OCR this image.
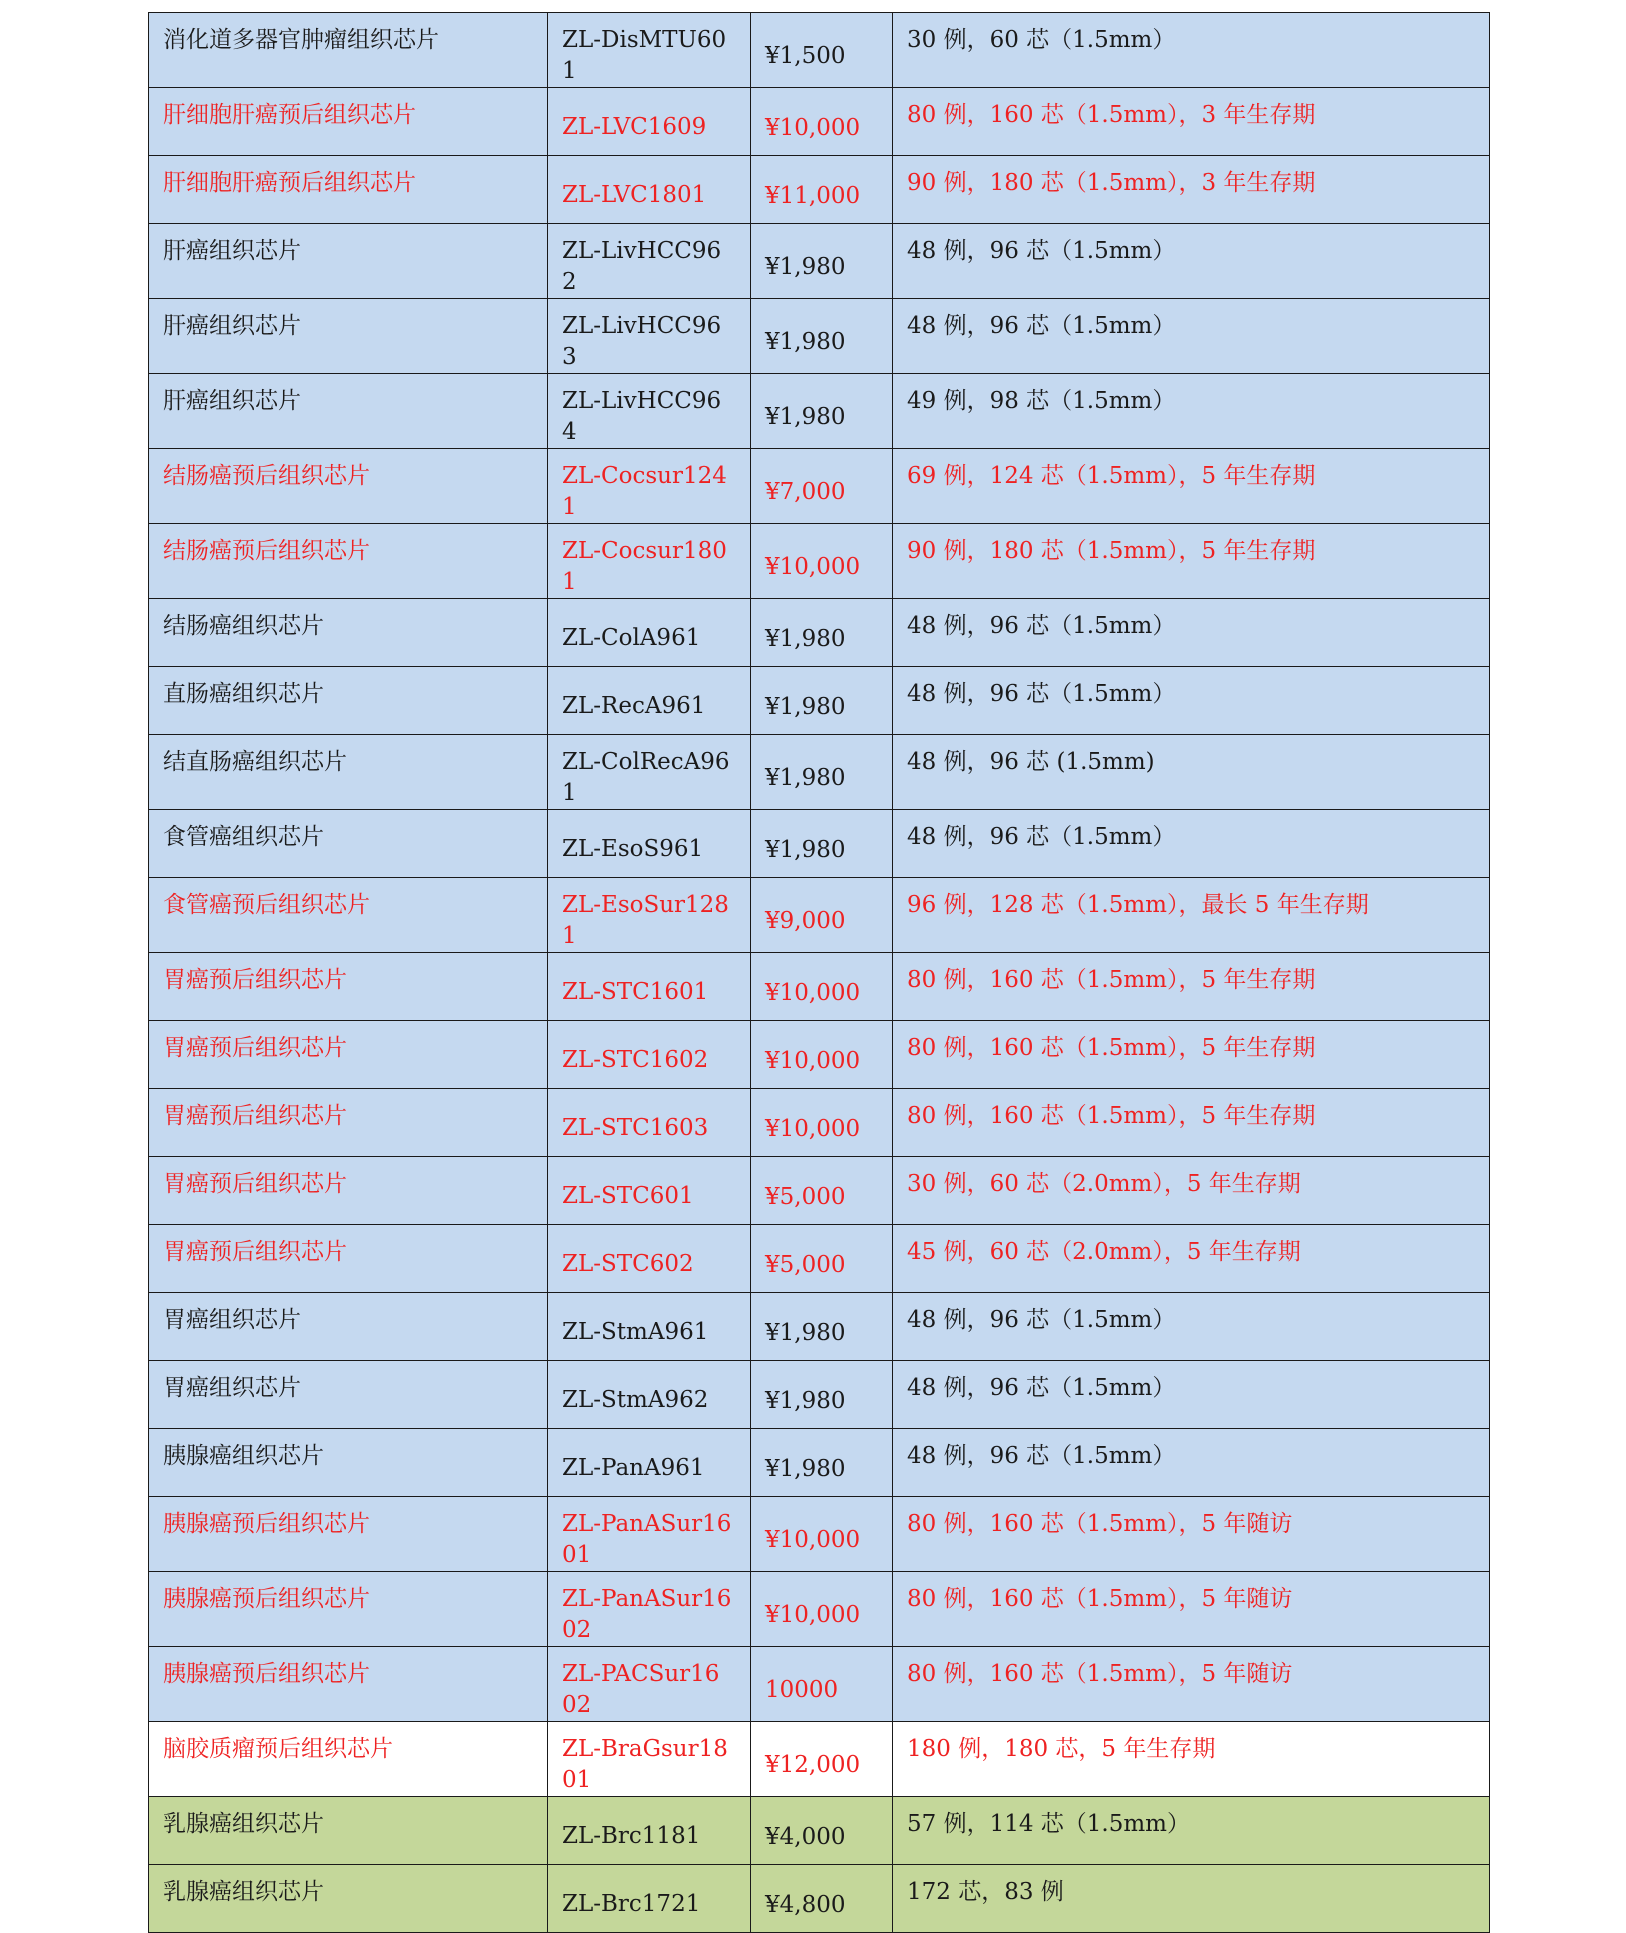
消化道多器官肿瘤组织芯片	ZL-DisMTU601	¥1,500	30 例，60 芯（1.5mm）
肝细胞肝癌预后组织芯片	ZL-LVC1609	¥10,000	80 例，160 芯（1.5mm），3 年生存期
肝细胞肝癌预后组织芯片	ZL-LVC1801	¥11,000	90 例，180 芯（1.5mm），3 年生存期
肝癌组织芯片	ZL-LivHCC962	¥1,980	48 例，96 芯（1.5mm）
肝癌组织芯片	ZL-LivHCC963	¥1,980	48 例，96 芯（1.5mm）
肝癌组织芯片	ZL-LivHCC964	¥1,980	49 例，98 芯（1.5mm）
结肠癌预后组织芯片	ZL-Cocsur1241	¥7,000	69 例，124 芯（1.5mm），5 年生存期
结肠癌预后组织芯片	ZL-Cocsur1801	¥10,000	90 例，180 芯（1.5mm），5 年生存期
结肠癌组织芯片	ZL-ColA961	¥1,980	48 例，96 芯（1.5mm）
直肠癌组织芯片	ZL-RecA961	¥1,980	48 例，96 芯（1.5mm）
结直肠癌组织芯片	ZL-ColRecA961	¥1,980	48 例，96 芯 (1.5mm)
食管癌组织芯片	ZL-EsoS961	¥1,980	48 例，96 芯（1.5mm）
食管癌预后组织芯片	ZL-EsoSur1281	¥9,000	96 例，128 芯（1.5mm），最长 5 年生存期
胃癌预后组织芯片	ZL-STC1601	¥10,000	80 例，160 芯（1.5mm），5 年生存期
胃癌预后组织芯片	ZL-STC1602	¥10,000	80 例，160 芯（1.5mm），5 年生存期
胃癌预后组织芯片	ZL-STC1603	¥10,000	80 例，160 芯（1.5mm），5 年生存期
胃癌预后组织芯片	ZL-STC601	¥5,000	30 例，60 芯（2.0mm），5 年生存期
胃癌预后组织芯片	ZL-STC602	¥5,000	45 例，60 芯（2.0mm），5 年生存期
胃癌组织芯片	ZL-StmA961	¥1,980	48 例，96 芯（1.5mm）
胃癌组织芯片	ZL-StmA962	¥1,980	48 例，96 芯（1.5mm）
胰腺癌组织芯片	ZL-PanA961	¥1,980	48 例，96 芯（1.5mm）
胰腺癌预后组织芯片	ZL-PanASur1601	¥10,000	80 例，160 芯（1.5mm），5 年随访
胰腺癌预后组织芯片	ZL-PanASur1602	¥10,000	80 例，160 芯（1.5mm），5 年随访
胰腺癌预后组织芯片	ZL-PACSur1602	10000	80 例，160 芯（1.5mm），5 年随访
脑胶质瘤预后组织芯片	ZL-BraGsur1801	¥12,000	180 例，180 芯，5 年生存期
乳腺癌组织芯片	ZL-Brc1181	¥4,000	57 例，114 芯（1.5mm）
乳腺癌组织芯片	ZL-Brc1721	¥4,800	172 芯，83 例
